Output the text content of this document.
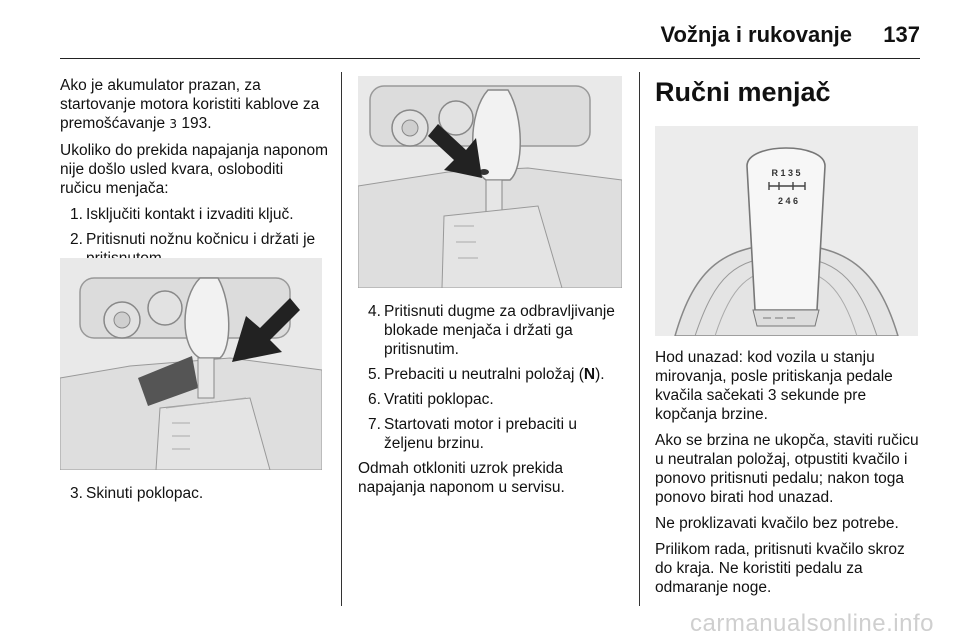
Vožnja i rukovanje 137

Ako je akumulator prazan, za startovanje motora koristiti kablove za premošćavanje 3 193.

Ukoliko do prekida napajanja naponom nije došlo usled kvara, osloboditi ručicu menjača:

1. Isključiti kontakt i izvaditi ključ.
2. Pritisnuti nožnu kočnicu i držati je
3. Skinuti poklopac.
4. Pritisnuti dugme za odbravljivanje blokade menjača i držati ga pritisnutim.
5. Prebaciti u neutralni položaj (N).
6. Vratiti poklopac.
7. Startovati motor i prebaciti u željenu brzinu.

Odmah otkloniti uzrok prekida napajanja naponom u servisu.

Ručni menjač
R 1 3 5
2 4 6

Hod unazad: kod vozila u stanju mirovanja, posle pritiskanja pedale kvačila sačekati 3 sekunde pre kopčanja brzine.

Ako se brzina ne ukopča, staviti ručicu u neutralan položaj, otpustiti kvačilo i ponovo pritisnuti pedalu; nakon toga ponovo birati hod unazad.

Ne proklizavati kvačilo bez potrebe.

Prilikom rada, pritisnuti kvačilo skroz do kraja. Ne koristiti pedalu za odmaranje noge.

carmanualsonline.info
